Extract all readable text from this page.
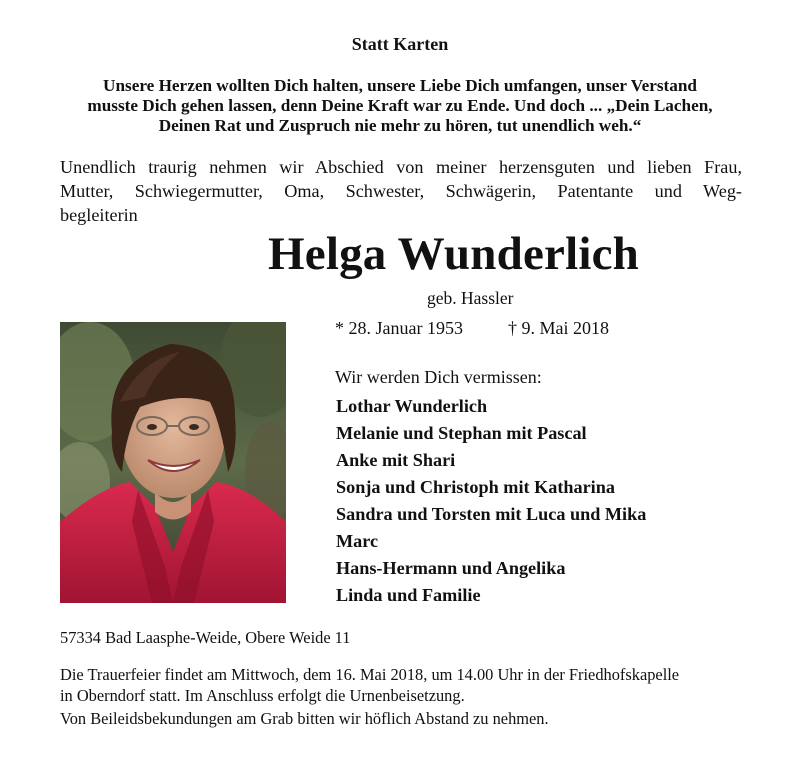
Statt Karten
Unsere Herzen wollten Dich halten, unsere Liebe Dich umfangen, unser Verstand
musste Dich gehen lassen, denn Deine Kraft war zu Ende. Und doch ... „Dein Lachen,
Deinen Rat und Zuspruch nie mehr zu hören, tut unendlich weh.“
Unendlich traurig nehmen wir Abschied von meiner herzensguten und lieben Frau,
Mutter, Schwiegermutter, Oma, Schwester, Schwägerin, Patentante und Weg-
begleiterin
Helga Wunderlich
geb. Hassler
* 28. Januar 1953	† 9. Mai 2018
Wir werden Dich vermissen:
Lothar Wunderlich
Melanie und Stephan mit Pascal
Anke mit Shari
Sonja und Christoph mit Katharina
Sandra und Torsten mit Luca und Mika
Marc
Hans-Hermann und Angelika
Linda und Familie
57334 Bad Laasphe-Weide, Obere Weide 11
Die Trauerfeier findet am Mittwoch, dem 16. Mai 2018, um 14.00 Uhr in der Friedhofskapelle
in Oberndorf statt. Im Anschluss erfolgt die Urnenbeisetzung.
Von Beileidsbekundungen am Grab bitten wir höflich Abstand zu nehmen.
